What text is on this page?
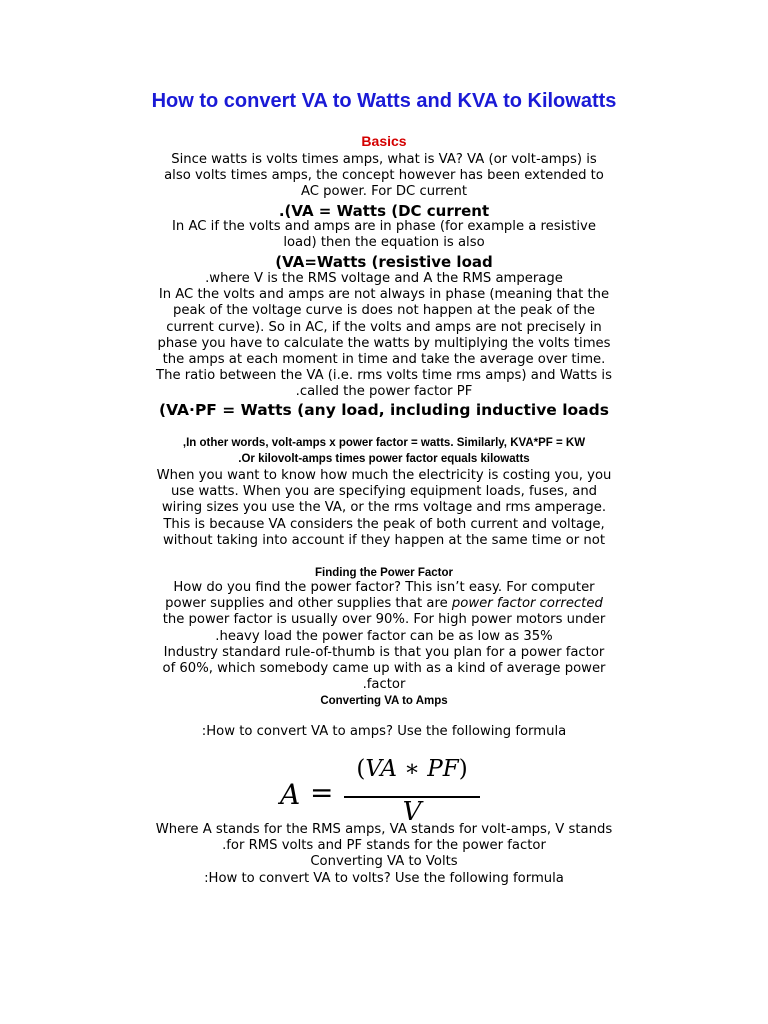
How to convert VA to Watts and KVA to Kilowatts
Basics
Since watts is volts times amps, what is VA? VA (or volt-amps) is
also volts times amps, the concept however has been extended to
AC power. For DC current
.(VA = Watts (DC current
In AC if the volts and amps are in phase (for example a resistive
load) then the equation is also
(VA=Watts (resistive load
.where V is the RMS voltage and A the RMS amperage
In AC the volts and amps are not always in phase (meaning that the
peak of the voltage curve is does not happen at the peak of the
current curve). So in AC, if the volts and amps are not precisely in
phase you have to calculate the watts by multiplying the volts times
the amps at each moment in time and take the average over time.
The ratio between the VA (i.e. rms volts time rms amps) and Watts is
.called the power factor PF
(VA·PF = Watts (any load, including inductive loads
,In other words, volt-amps x power factor = watts. Similarly, KVA*PF = KW
.Or kilovolt-amps times power factor equals kilowatts
When you want to know how much the electricity is costing you, you
use watts. When you are specifying equipment loads, fuses, and
wiring sizes you use the VA, or the rms voltage and rms amperage.
This is because VA considers the peak of both current and voltage,
without taking into account if they happen at the same time or not
Finding the Power Factor
How do you find the power factor? This isn’t easy. For computer
power supplies and other supplies that are power factor corrected
the power factor is usually over 90%. For high power motors under
.heavy load the power factor can be as low as 35%
Industry standard rule-of-thumb is that you plan for a power factor
of 60%, which somebody came up with as a kind of average power
.factor
Converting VA to Amps
:How to convert VA to amps? Use the following formula
A =
(VA ∗ PF)
V
Where A stands for the RMS amps, VA stands for volt-amps, V stands
.for RMS volts and PF stands for the power factor
Converting VA to Volts
:How to convert VA to volts? Use the following formula
